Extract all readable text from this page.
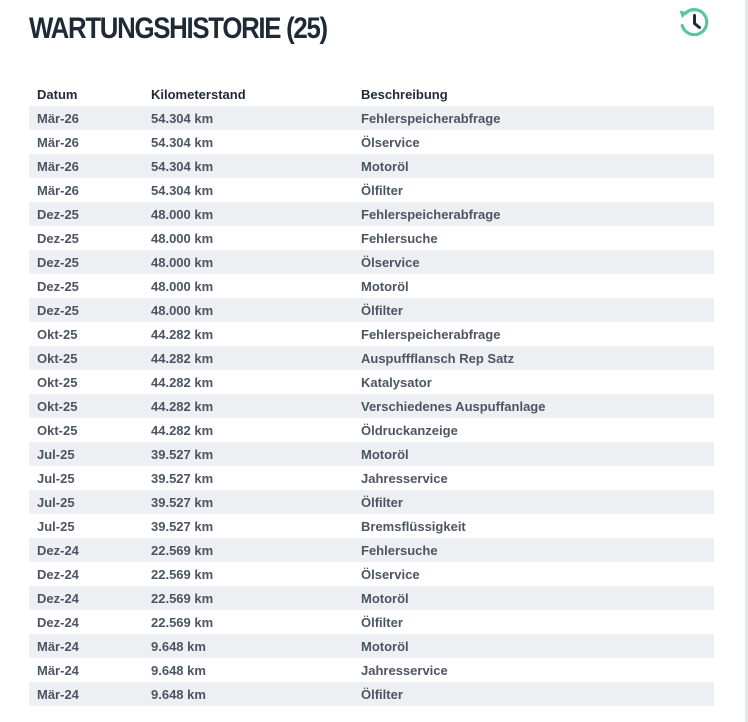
WARTUNGSHISTORIE (25)
Datum	Kilometerstand	Beschreibung
Mär-26	54.304 km	Fehlerspeicherabfrage
Mär-26	54.304 km	Ölservice
Mär-26	54.304 km	Motoröl
Mär-26	54.304 km	Ölfilter
Dez-25	48.000 km	Fehlerspeicherabfrage
Dez-25	48.000 km	Fehlersuche
Dez-25	48.000 km	Ölservice
Dez-25	48.000 km	Motoröl
Dez-25	48.000 km	Ölfilter
Okt-25	44.282 km	Fehlerspeicherabfrage
Okt-25	44.282 km	Auspuffflansch Rep Satz
Okt-25	44.282 km	Katalysator
Okt-25	44.282 km	Verschiedenes Auspuffanlage
Okt-25	44.282 km	Öldruckanzeige
Jul-25	39.527 km	Motoröl
Jul-25	39.527 km	Jahresservice
Jul-25	39.527 km	Ölfilter
Jul-25	39.527 km	Bremsflüssigkeit
Dez-24	22.569 km	Fehlersuche
Dez-24	22.569 km	Ölservice
Dez-24	22.569 km	Motoröl
Dez-24	22.569 km	Ölfilter
Mär-24	9.648 km	Motoröl
Mär-24	9.648 km	Jahresservice
Mär-24	9.648 km	Ölfilter
